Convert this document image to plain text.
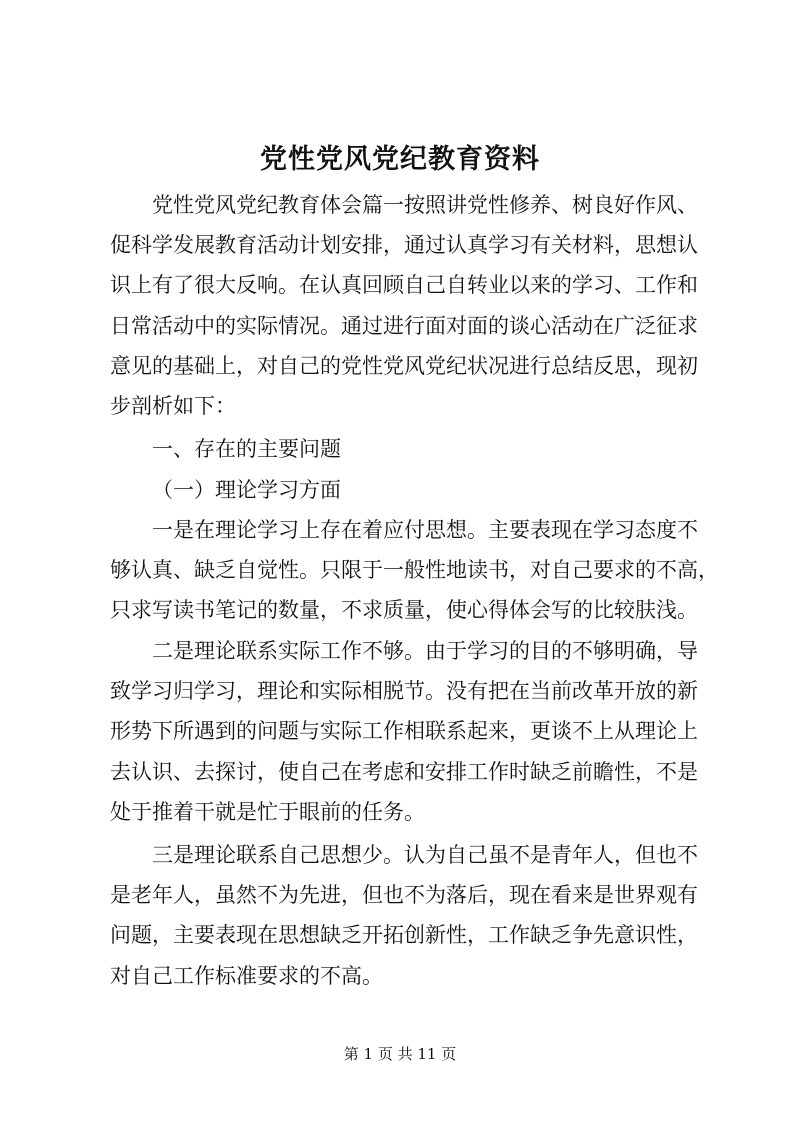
党性党风党纪教育资料
党性党风党纪教育体会篇一按照讲党性修养、树良好作风、
促科学发展教育活动计划安排，通过认真学习有关材料，思想认
识上有了很大反响。在认真回顾自己自转业以来的学习、工作和
日常活动中的实际情况。通过进行面对面的谈心活动在广泛征求
意见的基础上，对自己的党性党风党纪状况进行总结反思，现初
步剖析如下：
一、存在的主要问题
（一）理论学习方面
一是在理论学习上存在着应付思想。主要表现在学习态度不
够认真、缺乏自觉性。只限于一般性地读书，对自己要求的不高，
只求写读书笔记的数量，不求质量，使心得体会写的比较肤浅。
二是理论联系实际工作不够。由于学习的目的不够明确，导
致学习归学习，理论和实际相脱节。没有把在当前改革开放的新
形势下所遇到的问题与实际工作相联系起来，更谈不上从理论上
去认识、去探讨，使自己在考虑和安排工作时缺乏前瞻性，不是
处于推着干就是忙于眼前的任务。
三是理论联系自己思想少。认为自己虽不是青年人，但也不
是老年人，虽然不为先进，但也不为落后，现在看来是世界观有
问题，主要表现在思想缺乏开拓创新性，工作缺乏争先意识性，
对自己工作标准要求的不高。
第 1 页 共 11 页
